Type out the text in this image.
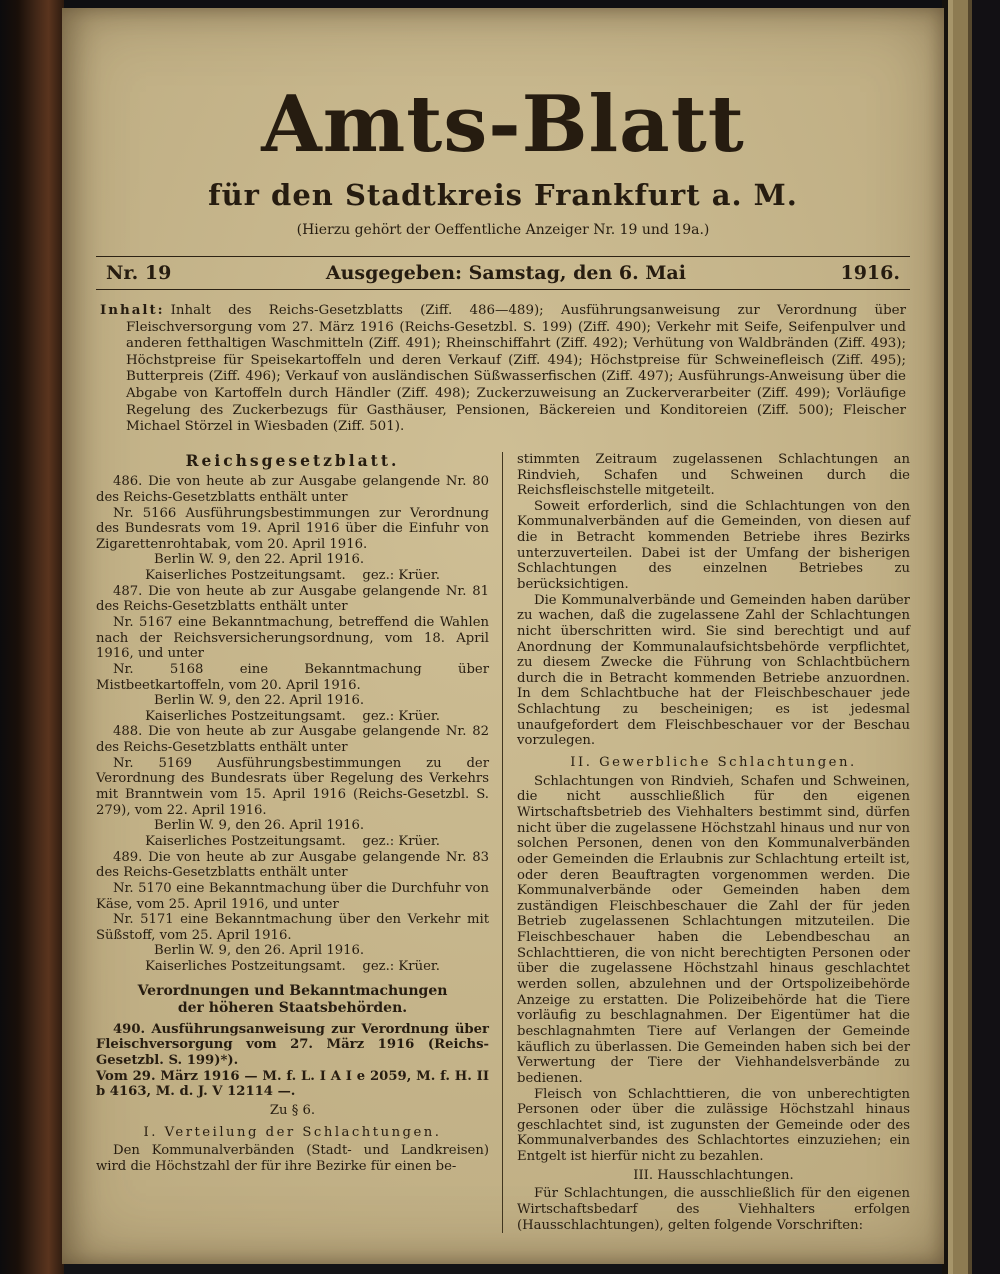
Amts-Blatt
für den Stadtkreis Frankfurt a. M.
(Hierzu gehört der Oeffentliche Anzeiger Nr. 19 und 19a.)
Nr. 19	Ausgegeben: Samstag, den 6. Mai	1916.
Inhalt: Inhalt des Reichs-Gesetzblatts (Ziff. 486—489); Ausführungsanweisung zur Verordnung über Fleischversorgung vom 27. März 1916 (Reichs-Gesetzbl. S. 199) (Ziff. 490); Verkehr mit Seife, Seifenpulver und anderen fetthaltigen Waschmitteln (Ziff. 491); Rheinschiffahrt (Ziff. 492); Verhütung von Waldbränden (Ziff. 493); Höchstpreise für Speisekartoffeln und deren Verkauf (Ziff. 494); Höchstpreise für Schweinefleisch (Ziff. 495); Butterpreis (Ziff. 496); Verkauf von ausländischen Süßwasserfischen (Ziff. 497); Ausführungs-Anweisung über die Abgabe von Kartoffeln durch Händler (Ziff. 498); Zuckerzuweisung an Zuckerverarbeiter (Ziff. 499); Vorläufige Regelung des Zuckerbezugs für Gasthäuser, Pensionen, Bäckereien und Konditoreien (Ziff. 500); Fleischer Michael Störzel in Wiesbaden (Ziff. 501).

Reichsgesetzblatt.

486. Die von heute ab zur Ausgabe gelangende Nr. 80 des Reichs-Gesetzblatts enthält unter

Nr. 5166 Ausführungsbestimmungen zur Verordnung des Bundesrats vom 19. April 1916 über die Einfuhr von Zigarettenrohtabak, vom 20. April 1916.

Berlin W. 9, den 22. April 1916.

Kaiserliches Postzeitungsamt.    gez.: Krüer.

487. Die von heute ab zur Ausgabe gelangende Nr. 81 des Reichs-Gesetzblatts enthält unter

Nr. 5167 eine Bekanntmachung, betreffend die Wahlen nach der Reichsversicherungsordnung, vom 18. April 1916, und unter

Nr. 5168 eine Bekanntmachung über Mistbeetkartoffeln, vom 20. April 1916.

Berlin W. 9, den 22. April 1916.

Kaiserliches Postzeitungsamt.    gez.: Krüer.

488. Die von heute ab zur Ausgabe gelangende Nr. 82 des Reichs-Gesetzblatts enthält unter

Nr. 5169 Ausführungsbestimmungen zu der Verordnung des Bundesrats über Regelung des Verkehrs mit Branntwein vom 15. April 1916 (Reichs-Gesetzbl. S. 279), vom 22. April 1916.

Berlin W. 9, den 26. April 1916.

Kaiserliches Postzeitungsamt.    gez.: Krüer.

489. Die von heute ab zur Ausgabe gelangende Nr. 83 des Reichs-Gesetzblatts enthält unter

Nr. 5170 eine Bekanntmachung über die Durchfuhr von Käse, vom 25. April 1916, und unter

Nr. 5171 eine Bekanntmachung über den Verkehr mit Süßstoff, vom 25. April 1916.

Berlin W. 9, den 26. April 1916.

Kaiserliches Postzeitungsamt.    gez.: Krüer.

Verordnungen und Bekanntmachungen der höheren Staatsbehörden.

490. Ausführungsanweisung zur Verordnung über Fleischversorgung vom 27. März 1916 (Reichs-Gesetzbl. S. 199)*).

Vom 29. März 1916 — M. f. L. I A I e 2059, M. f. H. II b 4163, M. d. J. V 12114 —.

Zu § 6.

I. Verteilung der Schlachtungen.

Den Kommunalverbänden (Stadt- und Landkreisen) wird die Höchstzahl der für ihre Bezirke für einen be-

stimmten Zeitraum zugelassenen Schlachtungen an Rindvieh, Schafen und Schweinen durch die Reichsfleischstelle mitgeteilt.

Soweit erforderlich, sind die Schlachtungen von den Kommunalverbänden auf die Gemeinden, von diesen auf die in Betracht kommenden Betriebe ihres Bezirks unterzuverteilen. Dabei ist der Umfang der bisherigen Schlachtungen des einzelnen Betriebes zu berücksichtigen.

Die Kommunalverbände und Gemeinden haben darüber zu wachen, daß die zugelassene Zahl der Schlachtungen nicht überschritten wird. Sie sind berechtigt und auf Anordnung der Kommunalaufsichtsbehörde verpflichtet, zu diesem Zwecke die Führung von Schlachtbüchern durch die in Betracht kommenden Betriebe anzuordnen. In dem Schlachtbuche hat der Fleischbeschauer jede Schlachtung zu bescheinigen; es ist jedesmal unaufgefordert dem Fleischbeschauer vor der Beschau vorzulegen.

II. Gewerbliche Schlachtungen.

Schlachtungen von Rindvieh, Schafen und Schweinen, die nicht ausschließlich für den eigenen Wirtschaftsbetrieb des Viehhalters bestimmt sind, dürfen nicht über die zugelassene Höchstzahl hinaus und nur von solchen Personen, denen von den Kommunalverbänden oder Gemeinden die Erlaubnis zur Schlachtung erteilt ist, oder deren Beauftragten vorgenommen werden. Die Kommunalverbände oder Gemeinden haben dem zuständigen Fleischbeschauer die Zahl der für jeden Betrieb zugelassenen Schlachtungen mitzuteilen. Die Fleischbeschauer haben die Lebendbeschau an Schlachttieren, die von nicht berechtigten Personen oder über die zugelassene Höchstzahl hinaus geschlachtet werden sollen, abzulehnen und der Ortspolizeibehörde Anzeige zu erstatten. Die Polizeibehörde hat die Tiere vorläufig zu beschlagnahmen. Der Eigentümer hat die beschlagnahmten Tiere auf Verlangen der Gemeinde käuflich zu überlassen. Die Gemeinden haben sich bei der Verwertung der Tiere der Viehhandelsverbände zu bedienen.

Fleisch von Schlachttieren, die von unberechtigten Personen oder über die zulässige Höchstzahl hinaus geschlachtet sind, ist zugunsten der Gemeinde oder des Kommunalverbandes des Schlachtortes einzuziehen; ein Entgelt ist hierfür nicht zu bezahlen.

III. Hausschlachtungen.

Für Schlachtungen, die ausschließlich für den eigenen Wirtschaftsbedarf des Viehhalters erfolgen (Hausschlachtungen), gelten folgende Vorschriften:
